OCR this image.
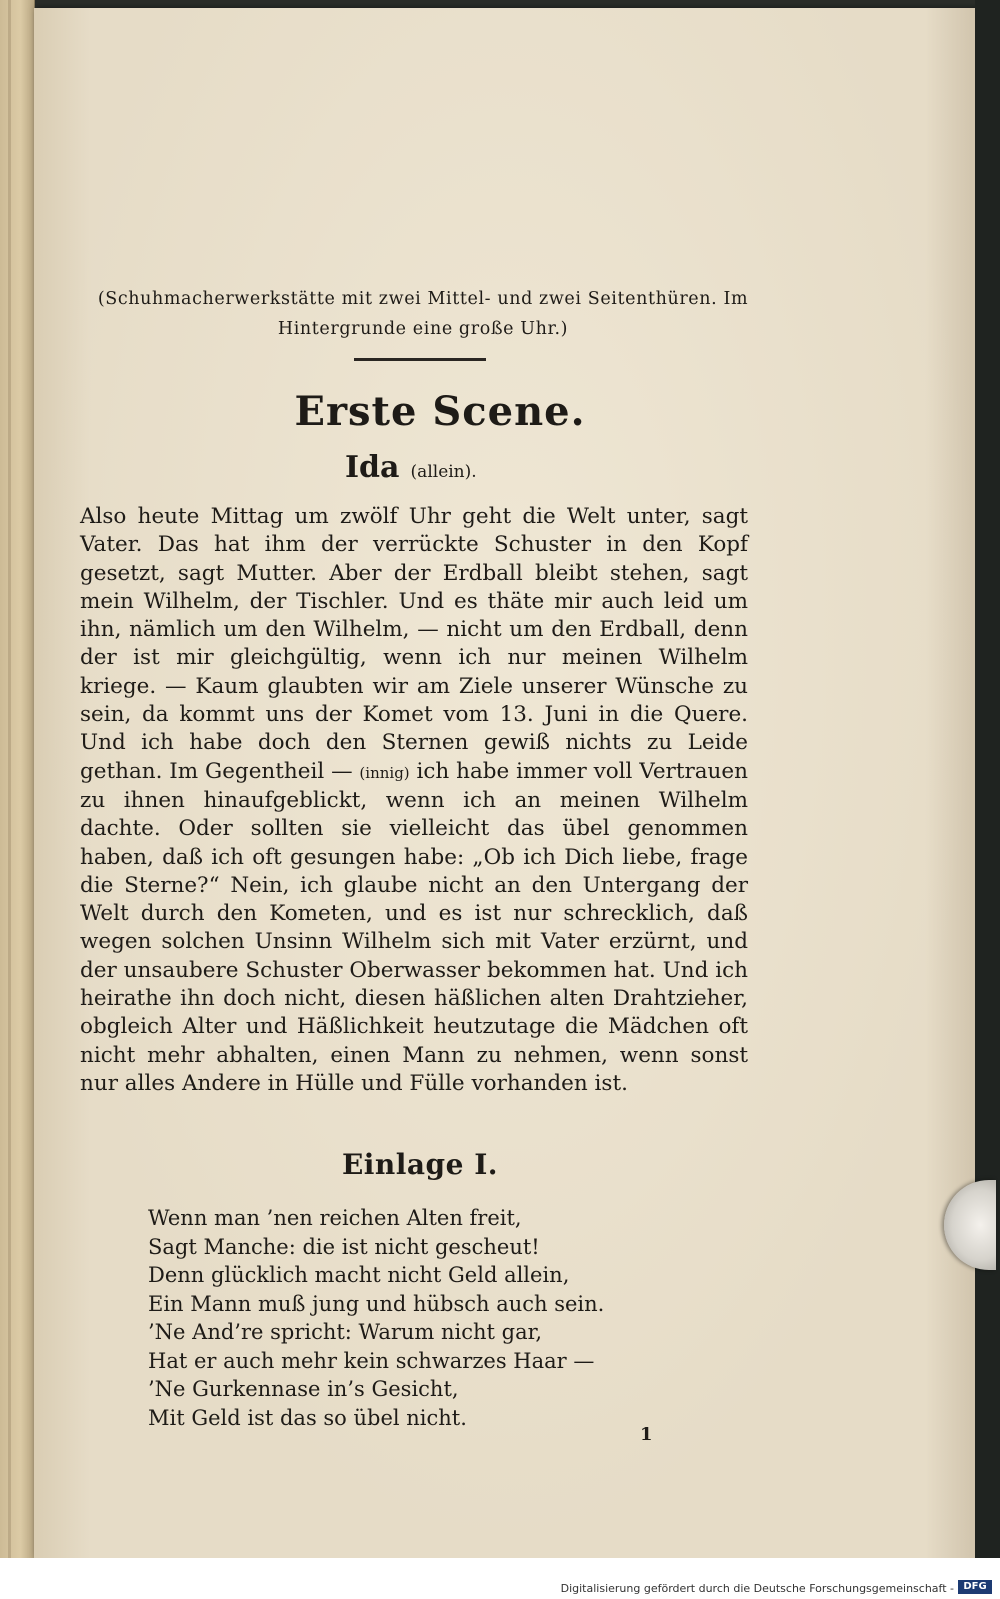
(Schuhmacherwerkstätte mit zwei Mittel- und zwei Seitenthüren. Im Hintergrunde eine große Uhr.)
Erste Scene.
Ida (allein).
Also heute Mittag um zwölf Uhr geht die Welt unter, sagt Vater. Das hat ihm der verrückte Schuster in den Kopf gesetzt, sagt Mutter. Aber der Erdball bleibt stehen, sagt mein Wilhelm, der Tischler. Und es thäte mir auch leid um ihn, nämlich um den Wilhelm, — nicht um den Erdball, denn der ist mir gleichgültig, wenn ich nur meinen Wilhelm kriege. — Kaum glaubten wir am Ziele unserer Wünsche zu sein, da kommt uns der Komet vom 13. Juni in die Quere. Und ich habe doch den Sternen gewiß nichts zu Leide gethan. Im Gegentheil — (innig) ich habe immer voll Vertrauen zu ihnen hinaufgeblickt, wenn ich an meinen Wilhelm dachte. Oder sollten sie vielleicht das übel genommen haben, daß ich oft gesungen habe: „Ob ich Dich liebe, frage die Sterne?“ Nein, ich glaube nicht an den Untergang der Welt durch den Kometen, und es ist nur schrecklich, daß wegen solchen Unsinn Wilhelm sich mit Vater erzürnt, und der unsaubere Schuster Oberwasser bekommen hat. Und ich heirathe ihn doch nicht, diesen häßlichen alten Drahtzieher, obgleich Alter und Häßlichkeit heutzutage die Mädchen oft nicht mehr abhalten, einen Mann zu nehmen, wenn sonst nur alles Andere in Hülle und Fülle vorhanden ist.
Einlage I.
Wenn man ’nen reichen Alten freit,
Sagt Manche: die ist nicht gescheut!
Denn glücklich macht nicht Geld allein,
Ein Mann muß jung und hübsch auch sein.
’Ne And’re spricht: Warum nicht gar,
Hat er auch mehr kein schwarzes Haar —
’Ne Gurkennase in’s Gesicht,
Mit Geld ist das so übel nicht.
1
Digitalisierung gefördert durch die Deutsche Forschungsgemeinschaft - DFG
